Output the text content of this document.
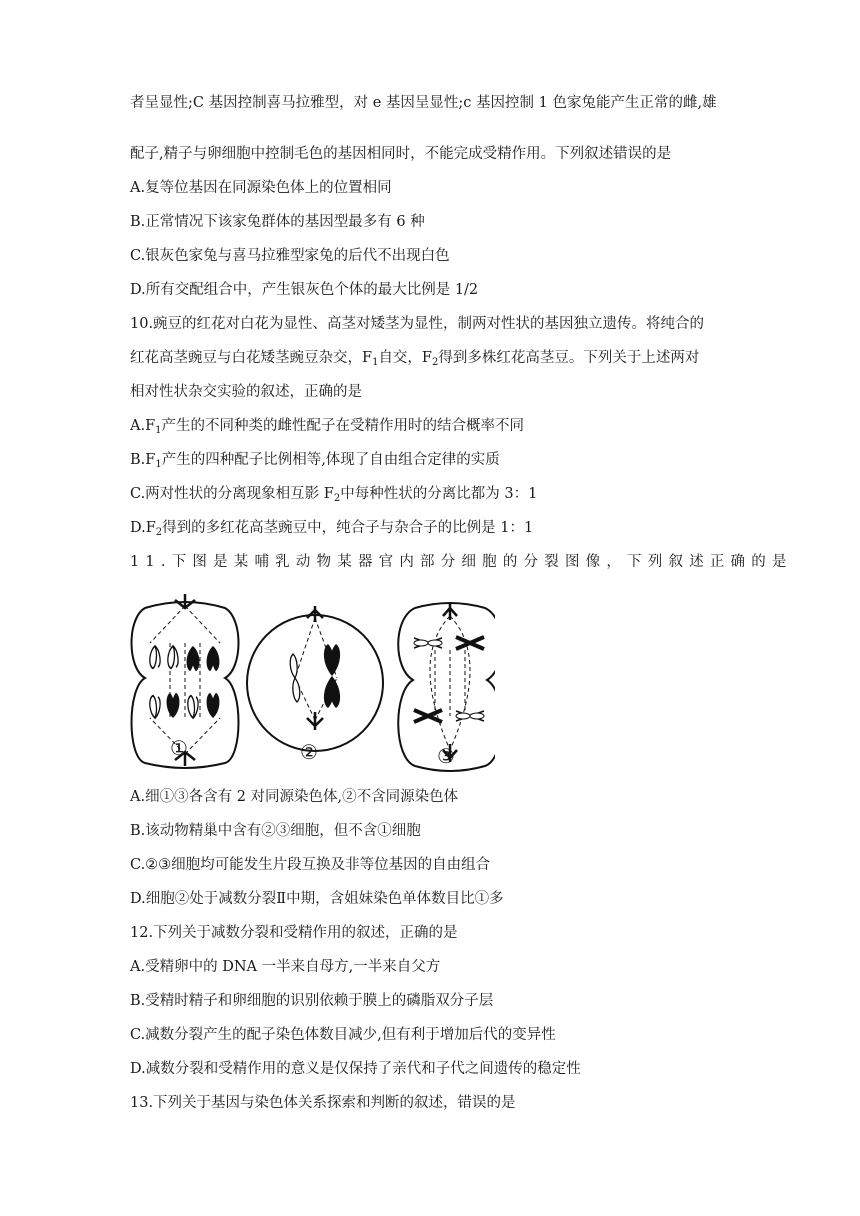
者呈显性;C 基因控制喜马拉雅型，对 e 基因呈显性;c 基因控制 1 色家兔能产生正常的雌,雄
配子,精子与卵细胞中控制毛色的基因相同时，不能完成受精作用。下列叙述错误的是
A.复等位基因在同源染色体上的位置相同
B.正常情况下该家兔群体的基因型最多有 6 种
C.银灰色家兔与喜马拉雅型家兔的后代不出现白色
D.所有交配组合中，产生银灰色个体的最大比例是 1/2
10.豌豆的红花对白花为显性、高茎对矮茎为显性，制两对性状的基因独立遗传。将纯合的
红花高茎豌豆与白花矮茎豌豆杂交，$F_1$自交，$F_2$得到多株红花高茎豆。下列关于上述两对
相对性状杂交实验的叙述，正确的是
$A.F_1$产生的不同种类的雌性配子在受精作用时的结合概率不同
$B.F_1$产生的四种配子比例相等,体现了自由组合定律的实质
C.两对性状的分离现象相互影 $F_2$中每种性状的分离比都为 3：1
$D.F_2$得到的多红花高茎豌豆中，纯合子与杂合子的比例是 1：1
11.下图是某哺乳动物某器官内部分细胞的分裂图像，下列叙述正确的是
①	②	③
A.细①③各含有 2 对同源染色体,②不含同源染色体
B.该动物精巢中含有②③细胞，但不含①细胞
C.②③细胞均可能发生片段互换及非等位基因的自由组合
D.细胞②处于减数分裂Ⅱ中期，含姐妹染色单体数目比①多
12.下列关于减数分裂和受精作用的叙述，正确的是
A.受精卵中的 DNA 一半来自母方,一半来自父方
B.受精时精子和卵细胞的识别依赖于膜上的磷脂双分子层
C.减数分裂产生的配子染色体数目减少,但有利于增加后代的变异性
D.减数分裂和受精作用的意义是仅保持了亲代和子代之间遗传的稳定性
13.下列关于基因与染色体关系探索和判断的叙述，错误的是
